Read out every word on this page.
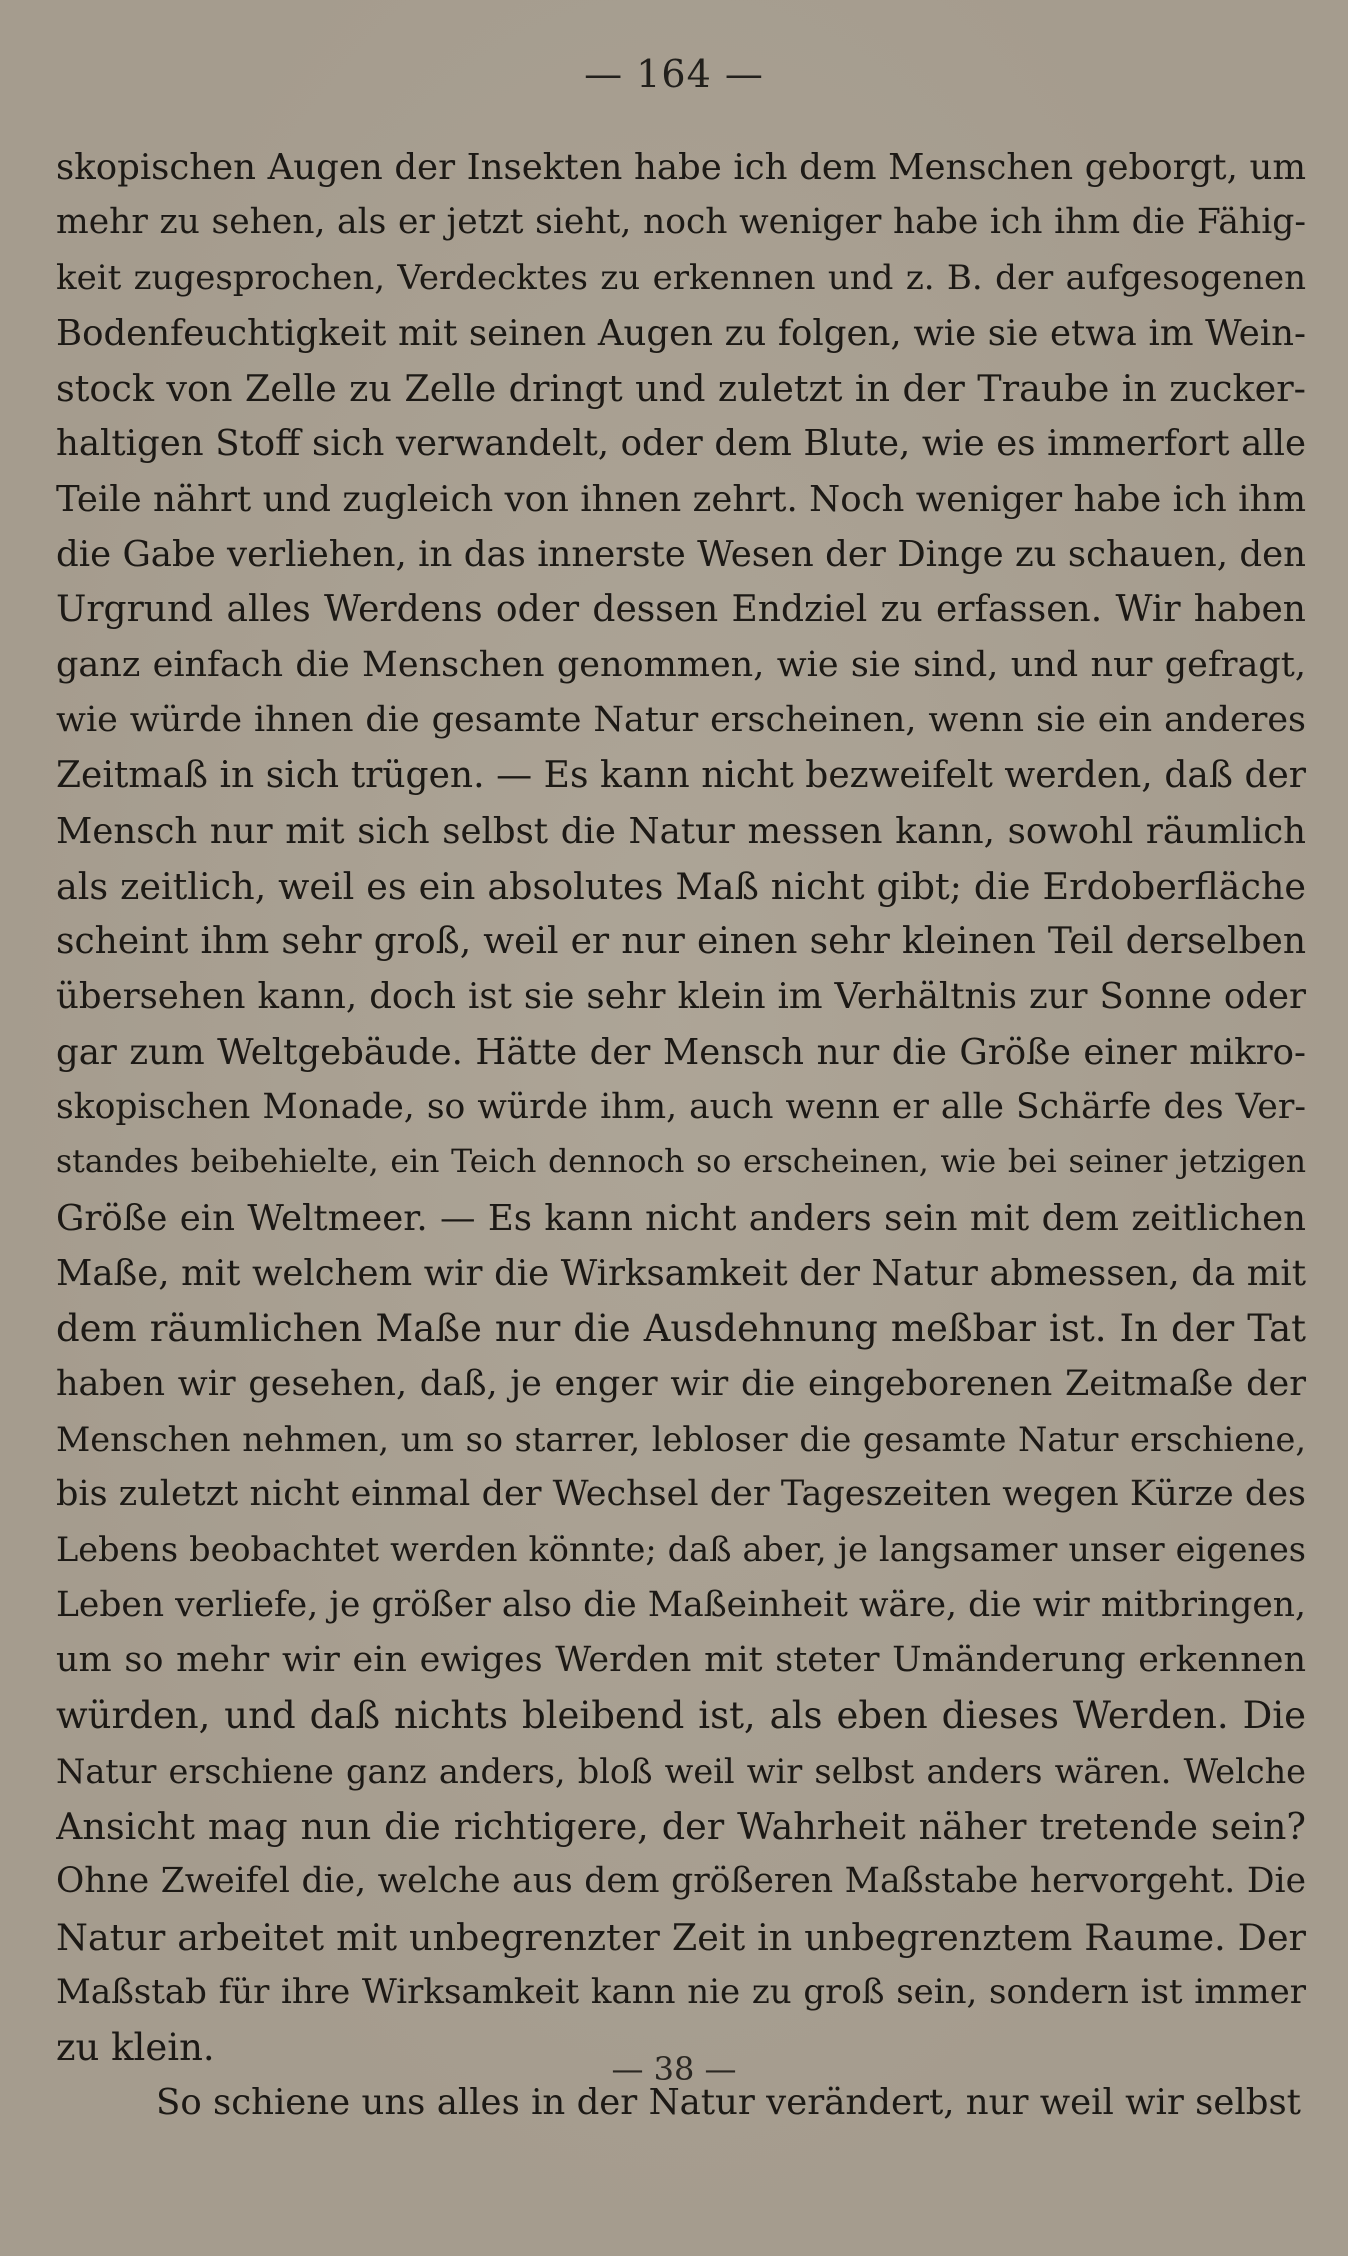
— 164 —
skopischen Augen der Insekten habe ich dem Menschen geborgt, um
mehr zu sehen, als er jetzt sieht, noch weniger habe ich ihm die Fähig-
keit zugesprochen, Verdecktes zu erkennen und z. B. der aufgesogenen
Bodenfeuchtigkeit mit seinen Augen zu folgen, wie sie etwa im Wein-
stock von Zelle zu Zelle dringt und zuletzt in der Traube in zucker-
haltigen Stoff sich verwandelt, oder dem Blute, wie es immerfort alle
Teile nährt und zugleich von ihnen zehrt. Noch weniger habe ich ihm
die Gabe verliehen, in das innerste Wesen der Dinge zu schauen, den
Urgrund alles Werdens oder dessen Endziel zu erfassen. Wir haben
ganz einfach die Menschen genommen, wie sie sind, und nur gefragt,
wie würde ihnen die gesamte Natur erscheinen, wenn sie ein anderes
Zeitmaß in sich trügen. — Es kann nicht bezweifelt werden, daß der
Mensch nur mit sich selbst die Natur messen kann, sowohl räumlich
als zeitlich, weil es ein absolutes Maß nicht gibt; die Erdoberfläche
scheint ihm sehr groß, weil er nur einen sehr kleinen Teil derselben
übersehen kann, doch ist sie sehr klein im Verhältnis zur Sonne oder
gar zum Weltgebäude. Hätte der Mensch nur die Größe einer mikro-
skopischen Monade, so würde ihm, auch wenn er alle Schärfe des Ver-
standes beibehielte, ein Teich dennoch so erscheinen, wie bei seiner jetzigen
Größe ein Weltmeer. — Es kann nicht anders sein mit dem zeitlichen
Maße, mit welchem wir die Wirksamkeit der Natur abmessen, da mit
dem räumlichen Maße nur die Ausdehnung meßbar ist. In der Tat
haben wir gesehen, daß, je enger wir die eingeborenen Zeitmaße der
Menschen nehmen, um so starrer, lebloser die gesamte Natur erschiene,
bis zuletzt nicht einmal der Wechsel der Tageszeiten wegen Kürze des
Lebens beobachtet werden könnte; daß aber, je langsamer unser eigenes
Leben verliefe, je größer also die Maßeinheit wäre, die wir mitbringen,
um so mehr wir ein ewiges Werden mit steter Umänderung erkennen
würden, und daß nichts bleibend ist, als eben dieses Werden. Die
Natur erschiene ganz anders, bloß weil wir selbst anders wären. Welche
Ansicht mag nun die richtigere, der Wahrheit näher tretende sein?
Ohne Zweifel die, welche aus dem größeren Maßstabe hervorgeht. Die
Natur arbeitet mit unbegrenzter Zeit in unbegrenztem Raume. Der
Maßstab für ihre Wirksamkeit kann nie zu groß sein, sondern ist immer
zu klein.
So schiene uns alles in der Natur verändert, nur weil wir selbst
— 38 —
